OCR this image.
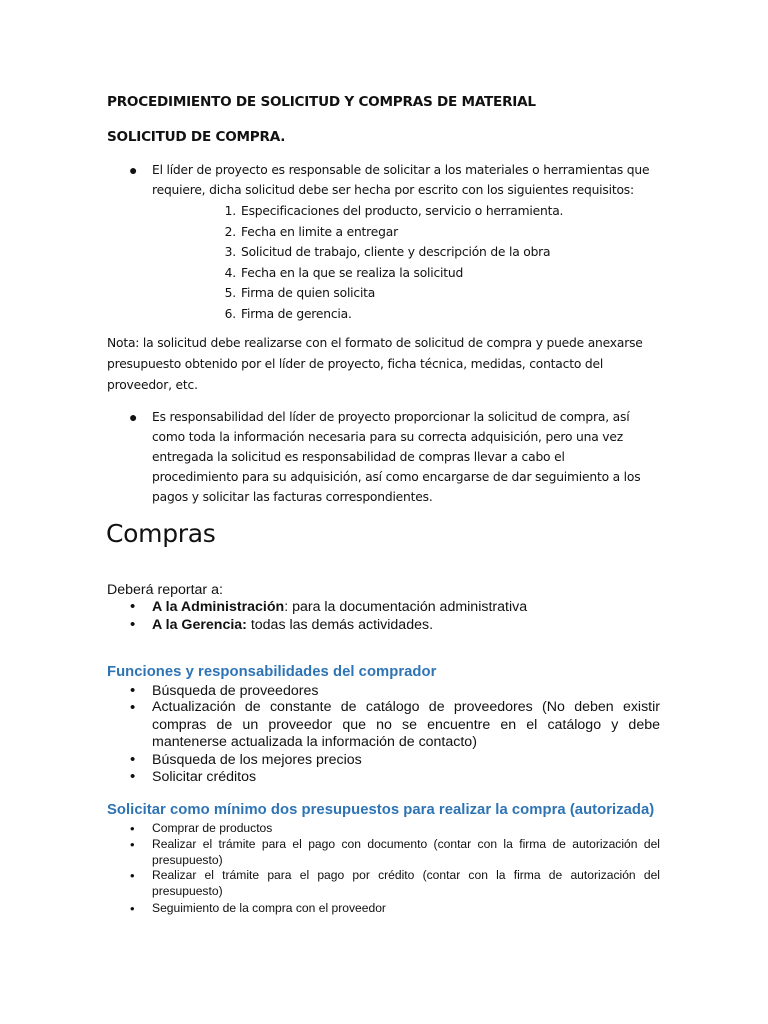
PROCEDIMIENTO DE SOLICITUD Y COMPRAS DE MATERIAL
SOLICITUD DE COMPRA.
● El líder de proyecto es responsable de solicitar a los materiales o herramientas que
requiere, dicha solicitud debe ser hecha por escrito con los siguientes requisitos:
1. Especificaciones del producto, servicio o herramienta.
2. Fecha en limite a entregar
3. Solicitud de trabajo, cliente y descripción de la obra
4. Fecha en la que se realiza la solicitud
5. Firma de quien solicita
6. Firma de gerencia.
Nota: la solicitud debe realizarse con el formato de solicitud de compra y puede anexarse
presupuesto obtenido por el líder de proyecto, ficha técnica, medidas, contacto del
proveedor, etc.
● Es responsabilidad del líder de proyecto proporcionar la solicitud de compra, así
como toda la información necesaria para su correcta adquisición, pero una vez
entregada la solicitud es responsabilidad de compras llevar a cabo el
procedimiento para su adquisición, así como encargarse de dar seguimiento a los
pagos y solicitar las facturas correspondientes.
Compras
Deberá reportar a:
• A la Administración: para la documentación administrativa
• A la Gerencia: todas las demás actividades.
Funciones y responsabilidades del comprador
• Búsqueda de proveedores
• Actualización de constante de catálogo de proveedores (No deben existir compras de un proveedor que no se encuentre en el catálogo y debe mantenerse actualizada la información de contacto)
• Búsqueda de los mejores precios
• Solicitar créditos
Solicitar como mínimo dos presupuestos para realizar la compra (autorizada)
• Comprar de productos
• Realizar el trámite para el pago con documento (contar con la firma de autorización del presupuesto)
• Realizar el trámite para el pago por crédito (contar con la firma de autorización del presupuesto)
• Seguimiento de la compra con el proveedor
